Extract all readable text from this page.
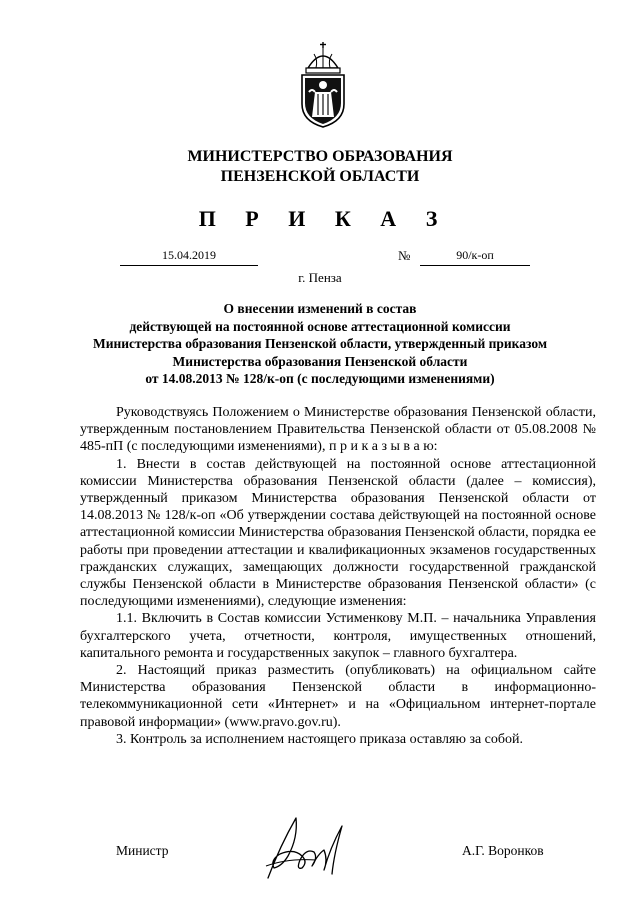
МИНИСТЕРСТВО ОБРАЗОВАНИЯ
ПЕНЗЕНСКОЙ ОБЛАСТИ
П Р И К А З
15.04.2019	№	90/к-оп
г. Пенза
О внесении изменений в состав
действующей на постоянной основе аттестационной комиссии
Министерства образования Пензенской области, утвержденный приказом
Министерства образования Пензенской области
от 14.08.2013 № 128/к-оп (с последующими изменениями)

Руководствуясь Положением о Министерстве образования Пензенской области, утвержденным постановлением Правительства Пензенской области от 05.08.2008 № 485-пП (с последующими изменениями), п р и к а з ы в а ю:

1. Внести в состав действующей на постоянной основе аттестационной комиссии Министерства образования Пензенской области (далее – комиссия), утвержденный приказом Министерства образования Пензенской области от 14.08.2013 № 128/к-оп «Об утверждении состава действующей на постоянной основе аттестационной комиссии Министерства образования Пензенской области, порядка ее работы при проведении аттестации и квалификационных экзаменов государственных гражданских служащих, замещающих должности государственной гражданской службы Пензенской области в Министерстве образования Пензенской области» (с последующими изменениями), следующие изменения:

1.1. Включить в Состав комиссии Устименкову М.П. – начальника Управления бухгалтерского учета, отчетности, контроля, имущественных отношений, капитального ремонта и государственных закупок – главного бухгалтера.

2. Настоящий приказ разместить (опубликовать) на официальном сайте Министерства образования Пензенской области в информационно-телекоммуникационной сети «Интернет» и на «Официальном интернет-портале правовой информации» (www.pravo.gov.ru).

3. Контроль за исполнением настоящего приказа оставляю за собой.

Министр	А.Г. Воронков
